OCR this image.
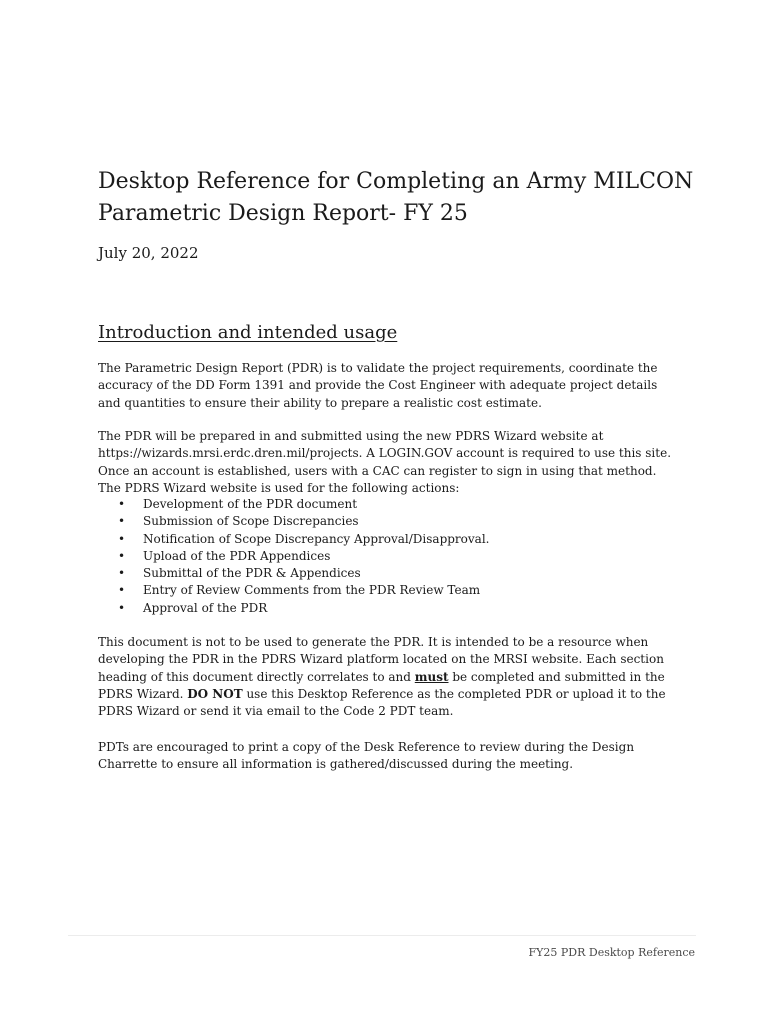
Desktop Reference for Completing an Army MILCON
Parametric Design Report- FY 25
July 20, 2022
Introduction and intended usage

The Parametric Design Report (PDR) is to validate the project requirements, coordinate the accuracy of the DD Form 1391 and provide the Cost Engineer with adequate project details and quantities to ensure their ability to prepare a realistic cost estimate.

The PDR will be prepared in and submitted using the new PDRS Wizard website at https://wizards.mrsi.erdc.dren.mil/projects. A LOGIN.GOV account is required to use this site. Once an account is established, users with a CAC can register to sign in using that method. The PDRS Wizard website is used for the following actions:

• Development of the PDR document
• Submission of Scope Discrepancies
• Notification of Scope Discrepancy Approval/Disapproval.
• Upload of the PDR Appendices
• Submittal of the PDR & Appendices
• Entry of Review Comments from the PDR Review Team
• Approval of the PDR

This document is not to be used to generate the PDR. It is intended to be a resource when developing the PDR in the PDRS Wizard platform located on the MRSI website. Each section heading of this document directly correlates to and must be completed and submitted in the PDRS Wizard. DO NOT use this Desktop Reference as the completed PDR or upload it to the PDRS Wizard or send it via email to the Code 2 PDT team.

PDTs are encouraged to print a copy of the Desk Reference to review during the Design Charrette to ensure all information is gathered/discussed during the meeting.

FY25 PDR Desktop Reference
